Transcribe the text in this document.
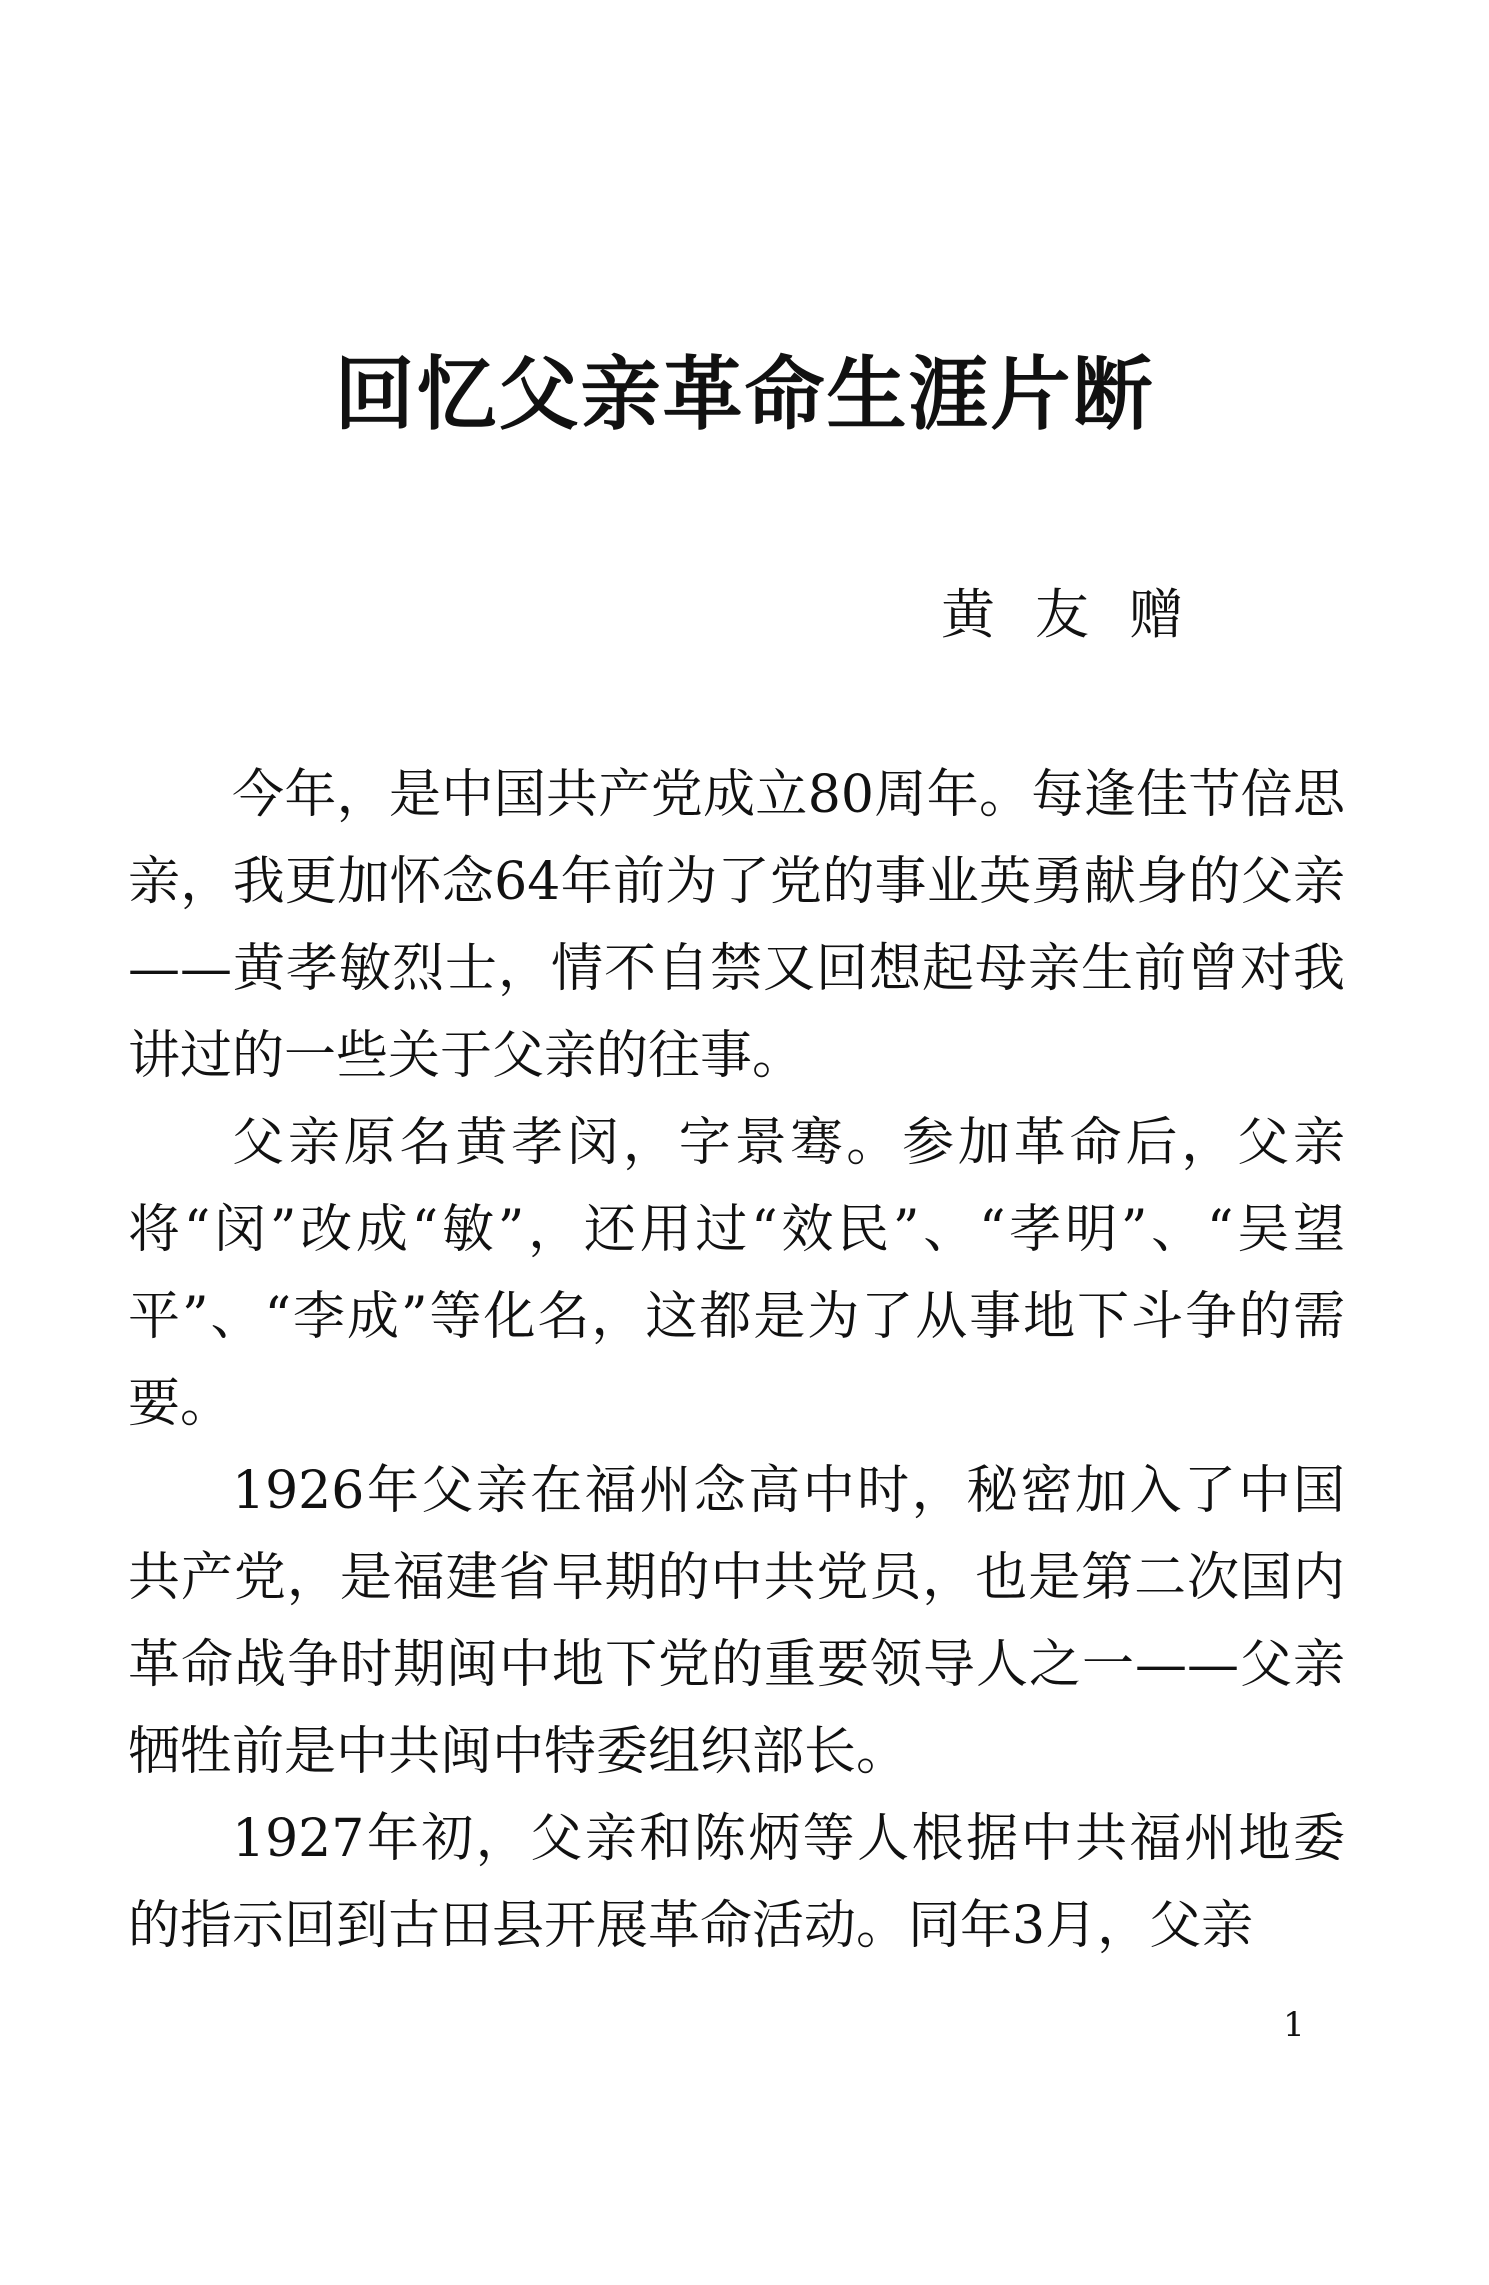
回忆父亲革命生涯片断

黄友赠

今年，是中国共产党成立80周年。每逢佳节倍思亲，我更加怀念64年前为了党的事业英勇献身的父亲——黄孝敏烈士，情不自禁又回想起母亲生前曾对我讲过的一些关于父亲的往事。

父亲原名黄孝闵，字景骞。参加革命后，父亲将“闵”改成“敏”，还用过“效民”、“孝明”、“吴望平”、“李成”等化名，这都是为了从事地下斗争的需要。

1926年父亲在福州念高中时，秘密加入了中国共产党，是福建省早期的中共党员，也是第二次国内革命战争时期闽中地下党的重要领导人之一——父亲牺牲前是中共闽中特委组织部长。

1927年初，父亲和陈炳等人根据中共福州地委的指示回到古田县开展革命活动。同年3月，父亲

1
